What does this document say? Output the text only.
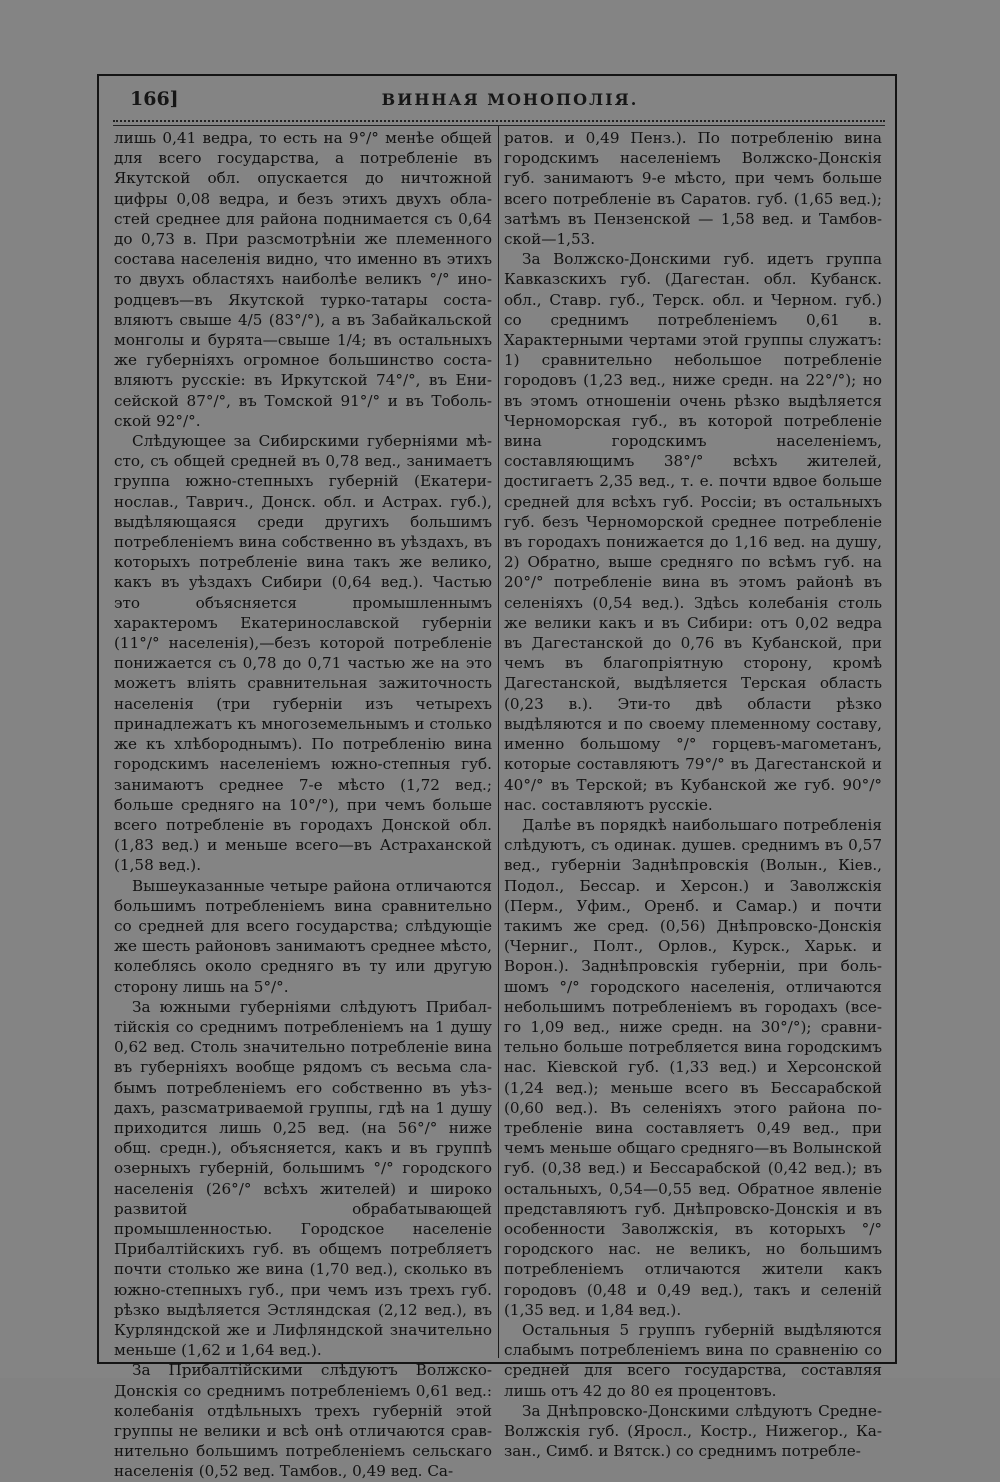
166]	ВИННАЯ МОНОПОЛІЯ.

лишь 0,41 ведра, то есть на 9°/° менѣе общей для всего государства, а потребленіе въ Якутской обл. опускается до ничтожной цифры 0,08 ведра, и безъ этихъ двухъ областей среднее для района поднимается съ 0,64 до 0,73 в. При разсмотрѣніи же племенного состава населенія видно, что именно въ этихъ то двухъ областяхъ наиболѣе великъ °/° инородцевъ—въ Якутской турко-татары составляютъ свыше 4/5 (83°/°), а въ Забайкальской монголы и бурята—свыше 1/4; въ остальныхъ же губерніяхъ огромное большинство составляютъ русскіе: въ Иркутской 74°/°, въ Енисейской 87°/°, въ Томской 91°/° и въ Тобольской 92°/°.

Слѣдующее за Сибирскими губерніями мѣсто, съ общей средней въ 0,78 вед., занимаетъ группа южно-степныхъ губерній (Екатеринослав., Таврич., Донск. обл. и Астрах. губ.), выдѣляющаяся среди другихъ большимъ потребленіемъ вина собственно въ уѣздахъ, въ которыхъ потребленіе вина такъ же велико, какъ въ уѣздахъ Сибири (0,64 вед.). Частью это объясняется промышленнымъ характеромъ Екатеринославской губерніи (11°/° населенія),—безъ которой потребленіе понижается съ 0,78 до 0,71 частью же на это можетъ вліять сравнительная зажиточность населенія (три губерніи изъ четырехъ принадлежатъ къ многоземельнымъ и столько же къ хлѣбороднымъ). По потребленію вина городскимъ населеніемъ южно-степныя губ. занимаютъ среднее 7-е мѣсто (1,72 вед.; больше средняго на 10°/°), при чемъ больше всего потребленіе въ городахъ Донской обл. (1,83 вед.) и меньше всего—въ Астраханской (1,58 вед.).

Вышеуказанные четыре района отличаются большимъ потребленіемъ вина сравнительно со средней для всего государства; слѣдующіе же шесть районовъ занимаютъ среднее мѣсто, колеблясь около средняго въ ту или другую сторону лишь на 5°/°.

За южными губерніями слѣдуютъ Прибалтійскія со среднимъ потребленіемъ на 1 душу 0,62 вед. Столь значительно потребленіе вина въ губерніяхъ вообще рядомъ съ весьма слабымъ потребленіемъ его собственно въ уѣздахъ, разсматриваемой группы, гдѣ на 1 душу приходится лишь 0,25 вед. (на 56°/° ниже общ. средн.), объясняется, какъ и въ группѣ озерныхъ губерній, большимъ °/° городского населенія (26°/° всѣхъ жителей) и широко развитой обрабатывающей промышленностью. Городское населеніе Прибалтійскихъ губ. въ общемъ потребляетъ почти столько же вина (1,70 вед.), сколько въ южно-степныхъ губ., при чемъ изъ трехъ губ. рѣзко выдѣляется Эстляндская (2,12 вед.), въ Курляндской же и Лифляндской значительно меньше (1,62 и 1,64 вед.).

За Прибалтійскими слѣдуютъ Волжско-Донскія со среднимъ потребленіемъ 0,61 вед.: колебанія отдѣльныхъ трехъ губерній этой группы не велики и всѣ онѣ отличаются сравнительно большимъ потребленіемъ сельскаго населенія (0,52 вед. Тамбов., 0,49 вед. Са-

ратов. и 0,49 Пенз.). По потребленію вина городскимъ населеніемъ Волжско-Донскія губ. занимаютъ 9-е мѣсто, при чемъ больше всего потребленіе въ Саратов. губ. (1,65 вед.); затѣмъ въ Пензенской — 1,58 вед. и Тамбовской—1,53.

За Волжско-Донскими губ. идетъ группа Кавказскихъ губ. (Дагестан. обл. Кубанск. обл., Ставр. губ., Терск. обл. и Черном. губ.) со среднимъ потребленіемъ 0,61 в. Характерными чертами этой группы служатъ: 1) сравнительно небольшое потребленіе городовъ (1,23 вед., ниже средн. на 22°/°); но въ этомъ отношеніи очень рѣзко выдѣляется Черноморская губ., въ которой потребленіе вина городскимъ населеніемъ, составляющимъ 38°/° всѣхъ жителей, достигаетъ 2,35 вед., т. е. почти вдвое больше средней для всѣхъ губ. Россіи; въ остальныхъ губ. безъ Черноморской среднее потребленіе въ городахъ понижается до 1,16 вед. на душу, 2) Обратно, выше средняго по всѣмъ губ. на 20°/° потребленіе вина въ этомъ районѣ въ селеніяхъ (0,54 вед.). Здѣсь колебанія столь же велики какъ и въ Сибири: отъ 0,02 ведра въ Дагестанской до 0,76 въ Кубанской, при чемъ въ благопріятную сторону, кромѣ Дагестанской, выдѣляется Терская область (0,23 в.). Эти-то двѣ области рѣзко выдѣляются и по своему племенному составу, именно большому °/° горцевъ-магометанъ, которые составляютъ 79°/° въ Дагестанской и 40°/° въ Терской; въ Кубанской же губ. 90°/° нас. составляютъ русскіе.

Далѣе въ порядкѣ наибольшаго потребленія слѣдуютъ, съ одинак. душев. среднимъ въ 0,57 вед., губерніи Заднѣпровскія (Волын., Кіев., Подол., Бессар. и Херсон.) и Заволжскія (Перм., Уфим., Оренб. и Самар.) и почти такимъ же сред. (0,56) Днѣпровско-Донскія (Черниг., Полт., Орлов., Курск., Харьк. и Ворон.). Заднѣпровскія губерніи, при большомъ °/° городского населенія, отличаются небольшимъ потребленіемъ въ городахъ (всего 1,09 вед., ниже средн. на 30°/°); сравнительно больше потребляется вина городскимъ нас. Кіевской губ. (1,33 вед.) и Херсонской (1,24 вед.); меньше всего въ Бессарабской (0,60 вед.). Въ селеніяхъ этого района потребленіе вина составляетъ 0,49 вед., при чемъ меньше общаго средняго—въ Волынской губ. (0,38 вед.) и Бессарабской (0,42 вед.); въ остальныхъ, 0,54—0,55 вед. Обратное явленіе представляютъ губ. Днѣпровско-Донскія и въ особенности Заволжскія, въ которыхъ °/° городского нас. не великъ, но большимъ потребленіемъ отличаются жители какъ городовъ (0,48 и 0,49 вед.), такъ и селеній (1,35 вед. и 1,84 вед.).

Остальныя 5 группъ губерній выдѣляются слабымъ потребленіемъ вина по сравненію со средней для всего государства, составляя лишь отъ 42 до 80 ея процентовъ.

За Днѣпровско-Донскими слѣдуютъ Средне-Волжскія губ. (Яросл., Костр., Нижегор., Казан., Симб. и Вятск.) со среднимъ потребле-
